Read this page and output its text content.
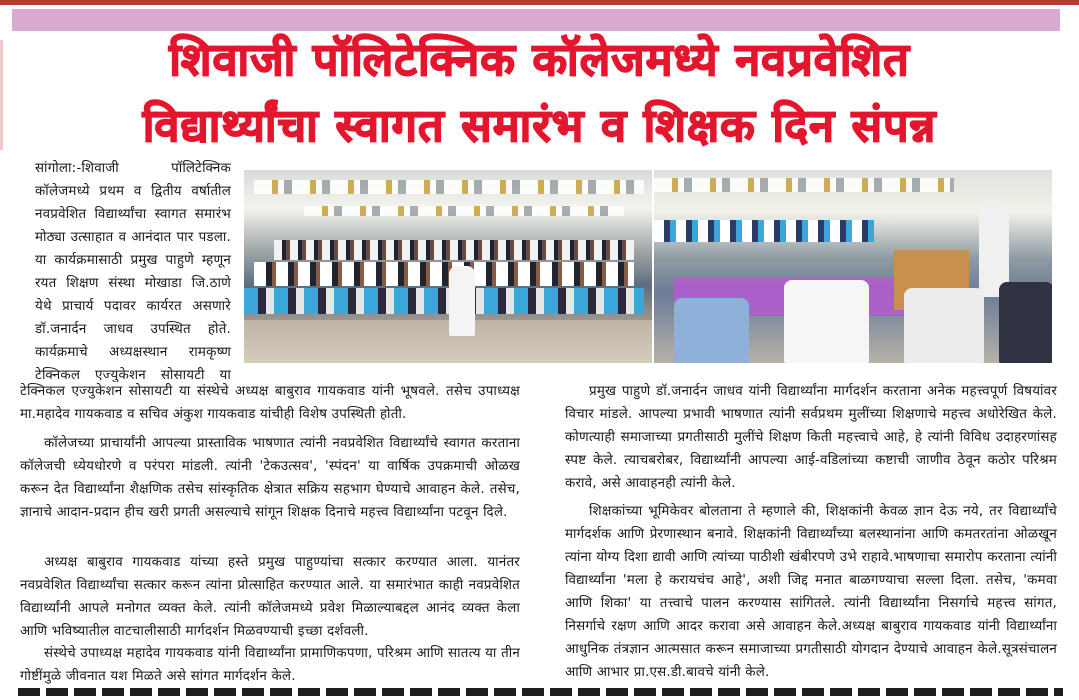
शिवाजी पॉलिटेक्निक कॉलेजमध्ये नवप्रवेशित
विद्यार्थ्यांचा स्वागत समारंभ व शिक्षक दिन संपन्न

सांगोला:-शिवाजी पॉलिटेक्निक कॉलेजमध्ये प्रथम व द्वितीय वर्षातील नवप्रवेशित विद्यार्थ्यांचा स्वागत समारंभ मोठ्या उत्साहात व आनंदात पार पडला. या कार्यक्रमासाठी प्रमुख पाहुणे म्हणून रयत शिक्षण संस्था मोखाडा जि.ठाणे येथे प्राचार्य पदावर कार्यरत असणारे डॉ.जनार्दन जाधव उपस्थित होते. कार्यक्रमाचे अध्यक्षस्थान रामकृष्ण टेक्निकल एज्युकेशन सोसायटी या

टेक्निकल एज्युकेशन सोसायटी या संस्थेचे अध्यक्ष बाबुराव गायकवाड यांनी भूषवले. तसेच उपाध्यक्ष मा.महादेव गायकवाड व सचिव अंकुश गायकवाड यांचीही विशेष उपस्थिती होती.

कॉलेजच्या प्राचार्यांनी आपल्या प्रास्ताविक भाषणात त्यांनी नवप्रवेशित विद्यार्थ्यांचे स्वागत करताना कॉलेजची ध्येयधोरणे व परंपरा मांडली. त्यांनी 'टेकउत्सव', 'स्पंदन' या वार्षिक उपक्रमाची ओळख करून देत विद्यार्थ्यांना शैक्षणिक तसेच सांस्कृतिक क्षेत्रात सक्रिय सहभाग घेण्याचे आवाहन केले. तसेच, ज्ञानाचे आदान-प्रदान हीच खरी प्रगती असल्याचे सांगून शिक्षक दिनाचे महत्त्व विद्यार्थ्यांना पटवून दिले.

अध्यक्ष बाबुराव गायकवाड यांच्या हस्ते प्रमुख पाहुण्यांचा सत्कार करण्यात आला. यानंतर नवप्रवेशित विद्यार्थ्यांचा सत्कार करून त्यांना प्रोत्साहित करण्यात आले. या समारंभात काही नवप्रवेशित विद्यार्थ्यांनी आपले मनोगत व्यक्त केले. त्यांनी कॉलेजमध्ये प्रवेश मिळाल्याबद्दल आनंद व्यक्त केला आणि भविष्यातील वाटचालीसाठी मार्गदर्शन मिळवण्याची इच्छा दर्शवली.

संस्थेचे उपाध्यक्ष महादेव गायकवाड यांनी विद्यार्थ्यांना प्रामाणिकपणा, परिश्रम आणि सातत्य या तीन गोष्टींमुळे जीवनात यश मिळते असे सांगत मार्गदर्शन केले.

प्रमुख पाहुणे डॉ.जनार्दन जाधव यांनी विद्यार्थ्यांना मार्गदर्शन करताना अनेक महत्त्वपूर्ण विषयांवर विचार मांडले. आपल्या प्रभावी भाषणात त्यांनी सर्वप्रथम मुलींच्या शिक्षणाचे महत्त्व अधोरेखित केले. कोणत्याही समाजाच्या प्रगतीसाठी मुलींचे शिक्षण किती महत्त्वाचे आहे, हे त्यांनी विविध उदाहरणांसह स्पष्ट केले. त्याचबरोबर, विद्यार्थ्यांनी आपल्या आई-वडिलांच्या कष्टाची जाणीव ठेवून कठोर परिश्रम करावे, असे आवाहनही त्यांनी केले.

शिक्षकांच्या भूमिकेवर बोलताना ते म्हणाले की, शिक्षकांनी केवळ ज्ञान देऊ नये, तर विद्यार्थ्यांचे मार्गदर्शक आणि प्रेरणास्थान बनावे. शिक्षकांनी विद्यार्थ्यांच्या बलस्थानांना आणि कमतरतांना ओळखून त्यांना योग्य दिशा द्यावी आणि त्यांच्या पाठीशी खंबीरपणे उभे राहावे.भाषणाचा समारोप करताना त्यांनी विद्यार्थ्यांना 'मला हे करायचंच आहे', अशी जिद्द मनात बाळगण्याचा सल्ला दिला. तसेच, 'कमवा आणि शिका' या तत्त्वाचे पालन करण्यास सांगितले. त्यांनी विद्यार्थ्यांना निसर्गाचे महत्त्व सांगत, निसर्गाचे रक्षण आणि आदर करावा असे आवाहन केले.अध्यक्ष बाबुराव गायकवाड यांनी विद्यार्थ्यांना आधुनिक तंत्रज्ञान आत्मसात करून समाजाच्या प्रगतीसाठी योगदान देण्याचे आवाहन केले.सूत्रसंचालन आणि आभार प्रा.एस.डी.बावचे यांनी केले.
